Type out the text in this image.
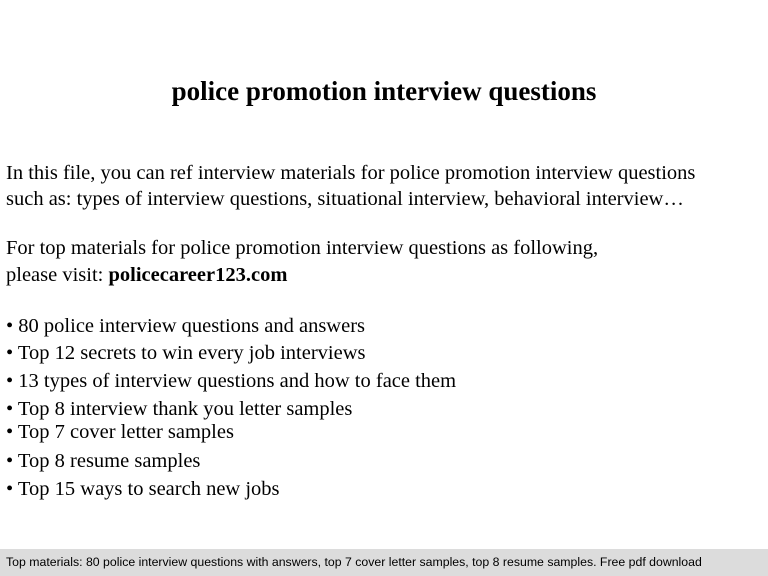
police promotion interview questions
In this file, you can ref interview materials for police promotion interview questions
such as: types of interview questions, situational interview, behavioral interview…
For top materials for police promotion interview questions as following,
please visit: policecareer123.com
• 80 police interview questions and answers
• Top 12 secrets to win every job interviews
• 13 types of interview questions and how to face them
• Top 8 interview thank you letter samples
• Top 7 cover letter samples
• Top 8 resume samples
• Top 15 ways to search new jobs
Top materials: 80 police interview questions with answers, top 7 cover letter samples, top 8 resume samples. Free pdf download
